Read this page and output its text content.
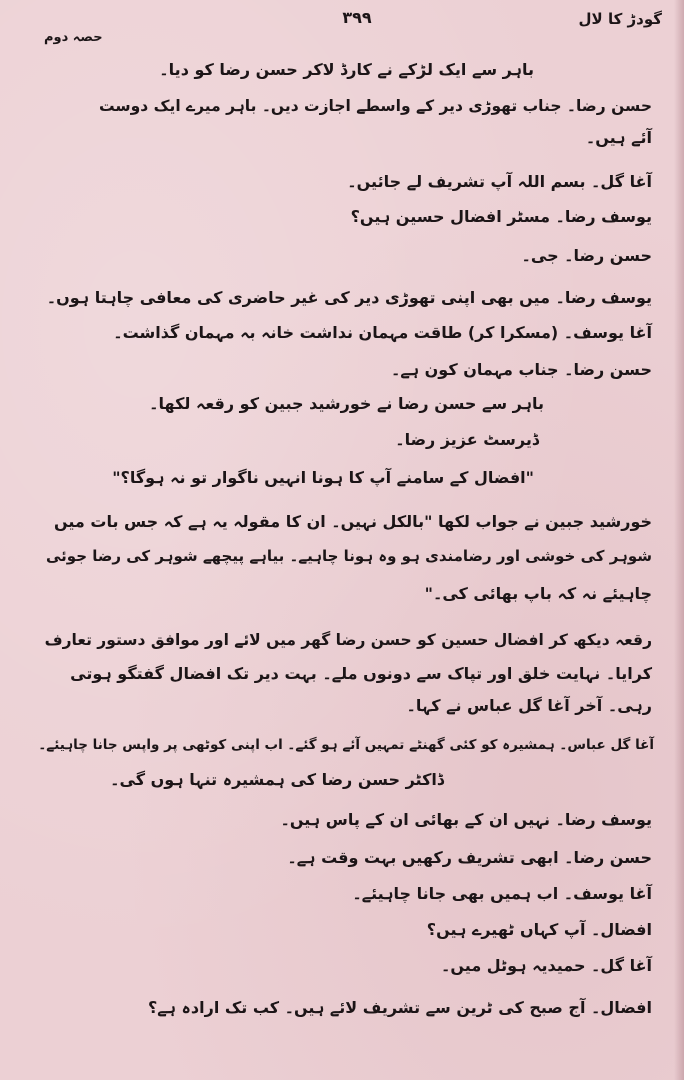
گودڑ کا لال
۳۹۹
حصہ دوم
باہر سے ایک لڑکے نے کارڈ لاکر حسن رضا کو دیا۔
حسن رضا۔ جناب تھوڑی دیر کے واسطے اجازت دیں۔ باہر میرے ایک دوست
آئے ہیں۔
آغا گل۔ بسم اللہ آپ تشریف لے جائیں۔
یوسف رضا۔ مسٹر افضال حسین ہیں؟
حسن رضا۔ جی۔
یوسف رضا۔ میں بھی اپنی تھوڑی دیر کی غیر حاضری کی معافی چاہتا ہوں۔
آغا یوسف۔ (مسکرا کر) طاقت مہمان نداشت خانہ بہ مہمان گذاشت۔
حسن رضا۔ جناب مہمان کون ہے۔
باہر سے حسن رضا نے خورشید جبین کو رقعہ لکھا۔
ڈیرسٹ عزیز رضا۔
"افضال کے سامنے آپ کا ہونا انہیں ناگوار تو نہ ہوگا؟"
خورشید جبین نے جواب لکھا "بالکل نہیں۔ ان کا مقولہ یہ ہے کہ جس بات میں
شوہر کی خوشی اور رضامندی ہو وہ ہونا چاہیے۔ بیاہے پیچھے شوہر کی رضا جوئی
چاہیئے نہ کہ باپ بھائی کی۔"
رقعہ دیکھ کر افضال حسین کو حسن رضا گھر میں لائے اور موافق دستور تعارف
کرایا۔ نہایت خلق اور تپاک سے دونوں ملے۔ بہت دیر تک افضال گفتگو ہوتی
رہی۔ آخر آغا گل عباس نے کہا۔
آغا گل عباس۔ ہمشیرہ کو کئی گھنٹے تمہیں آئے ہو گئے۔ اب اپنی کوٹھی پر واپس جانا چاہیئے۔
ڈاکٹر حسن رضا کی ہمشیرہ تنہا ہوں گی۔
یوسف رضا۔ نہیں ان کے بھائی ان کے پاس ہیں۔
حسن رضا۔ ابھی تشریف رکھیں بہت وقت ہے۔
آغا یوسف۔ اب ہمیں بھی جانا چاہیئے۔
افضال۔ آپ کہاں ٹھیرے ہیں؟
آغا گل۔ حمیدیہ ہوٹل میں۔
افضال۔ آج صبح کی ٹرین سے تشریف لائے ہیں۔ کب تک ارادہ ہے؟
